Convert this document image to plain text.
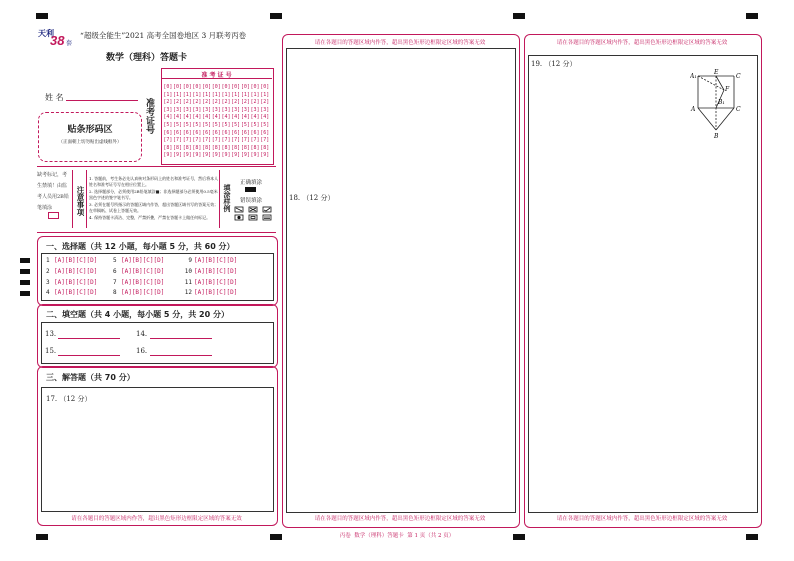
天利
38 套
“超级全能生”2021 高考全国卷地区 3 月联考丙卷
数学（理科）答题卡
姓 名
贴条形码区
（正面朝上切勿贴出虚线框外）
准考证号
准 考 证 号
[0] [0] [0] [0] [0] [0] [0] [0] [0] [0] [0]
[1] [1] [1] [1] [1] [1] [1] [1] [1] [1] [1]
[2] [2] [2] [2] [2] [2] [2] [2] [2] [2] [2]
[3] [3] [3] [3] [3] [3] [3] [3] [3] [3] [3]
[4] [4] [4] [4] [4] [4] [4] [4] [4] [4] [4]
[5] [5] [5] [5] [5] [5] [5] [5] [5] [5] [5]
[6] [6] [6] [6] [6] [6] [6] [6] [6] [6] [6]
[7] [7] [7] [7] [7] [7] [7] [7] [7] [7] [7]
[8] [8] [8] [8] [8] [8] [8] [8] [8] [8] [8]
[9] [9] [9] [9] [9] [9] [9] [9] [9] [9] [9]
缺考标记，考生禁填！由监考人员用2B铅笔填涂	注意事项
1. 答题前，考生务必先认真核对条形码上的姓名和准考证号，然后将本人姓名和准考证号写在相应位置上。
2. 选择题部分，必须使用2B铅笔填涂■；非选择题部分必须使用0.5毫米黑色字迹的签字笔书写。
3. 必须在题号所指示的答题区域内作答，超出答题区域书写的答案无效；在草稿纸、试卷上答题无效。
4. 保持答题卡清洁、完整，严禁折叠，严禁在答题卡上做任何标记。
填涂样例
正确填涂
错误填涂
一、选择题（共 12 小题，每小题 5 分，共 60 分）
1 [A][B][C][D]	5 [A][B][C][D]	9 [A][B][C][D]
2 [A][B][C][D]	6 [A][B][C][D]	10 [A][B][C][D]
3 [A][B][C][D]	7 [A][B][C][D]	11 [A][B][C][D]
4 [A][B][C][D]	8 [A][B][C][D]	12 [A][B][C][D]
二、填空题（共 4 小题，每小题 5 分，共 20 分）
13.	14.
15.	16.
三、解答题（共 70 分）
17. （12 分）
请在各题目的答题区域内作答，超出黑色矩形边框限定区域的答案无效
请在各题目的答题区域内作答，超出黑色矩形边框限定区域的答案无效
18. （12 分）
请在各题目的答题区域内作答，超出黑色矩形边框限定区域的答案无效
请在各题目的答题区域内作答，超出黑色矩形边框限定区域的答案无效
19. （12 分）
A₁
E
C
F
B₁
A	C
B
请在各题目的答题区域内作答，超出黑色矩形边框限定区域的答案无效
丙卷  数学（理科）答题卡  第 1 页（共 2 页）
